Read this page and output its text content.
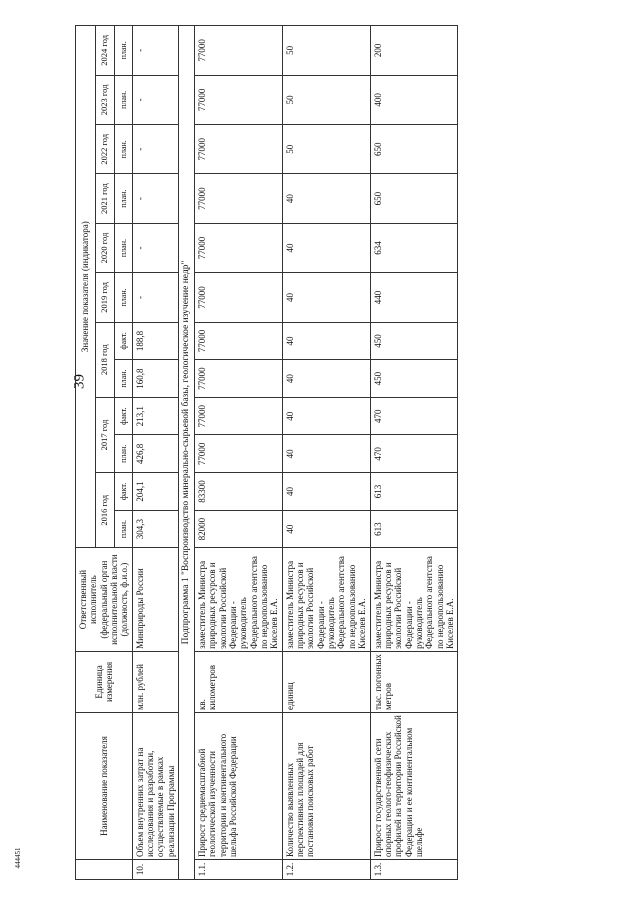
39
444451
	Наименование показателя	Единица измерения	Ответственный исполнитель (федеральный орган исполнительной власти (должность, ф.и.о.)	Значение показателя (индикатора)											
				2016 год		2017 год		2018 год		2019 год	2020 год	2021 год	2022 год	2023 год	2024 год
				план.	факт.	план.	факт.	план.	факт.	план.	план.	план.	план.	план.	план.
10.	Объем внутренних затрат на исследования и разработки, осуществляемые в рамках реализации Программы	млн. рублей	Минприроды России	304,3	204,1	426,8	213,1	160,8	188,8	-	-	-	-	-	-
Подпрограмма 1 "Воспроизводство минерально-сырьевой базы, геологическое изучение недр"															
1.1.	Прирост среднемасштабной геологической изученности территории и континентального шельфа Российской Федерации	кв. километров	заместитель Министра природных ресурсов и экологии Российской Федерации - руководитель Федерального агентства по недропользованию Киселев Е.А.	82000	83300	77000	77000	77000	77000	77000	77000	77000	77000	77000	77000
1.2.	Количество выявленных перспективных площадей для постановки поисковых работ	единиц	заместитель Министра природных ресурсов и экологии Российской Федерации - руководитель Федерального агентства по недропользованию Киселев Е.А.	40	40	40	40	40	40	40	40	40	50	50	50
1.3.	Прирост государственной сети опорных геолого-геофизических профилей на территории Российской Федерации и ее континентальном шельфе	тыс. погонных метров	заместитель Министра природных ресурсов и экологии Российской Федерации - руководитель Федерального агентства по недропользованию Киселев Е.А.	613	613	470	470	450	450	440	634	650	650	400	200
